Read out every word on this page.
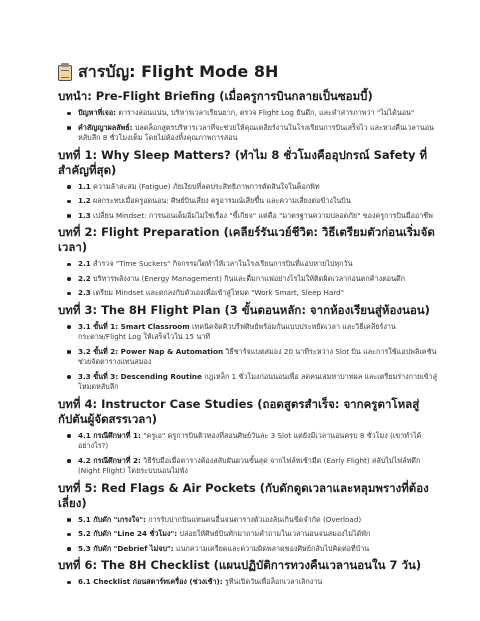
สารบัญ: Flight Mode 8H
บทนำ: Pre-Flight Briefing (เมื่อครูการบินกลายเป็นซอมบี้)
ปัญหาที่เจอ: ตารางสอนแน่น, บริหารเวลาเรียนยาก, ตรวจ Flight Log ยันดึก, และคำสารภาพว่า "ไม่ได้นอน"
คำสัญญาผลลัพธ์: ปลดล็อกสูตรบริหารเวลาที่จะช่วยให้คุณเคลียร์งานในโรงเรียนการบินเสร็จไว และหวงคืนเวลานอนหลับลึก 8 ชั่วโมงเต็ม โดยไม่ต้องทิ้งคุณภาพการสอน
บทที่ 1: Why Sleep Matters? (ทำไม 8 ชั่วโมงคืออุปกรณ์ Safety ที่สำคัญที่สุด)
1.1 ความล้าสะสม (Fatigue) ภัยเงียบที่ลดประสิทธิภาพการตัดสินใจในค็อกพิท
1.2 ผลกระทบเมื่อครูอดนอน: ศิษย์บินเสี่ยง ครูอารมณ์เสียขึ้น และความเสี่ยงต่อข้างในบิน
1.3 เปลี่ยน Mindset: การนอนเต็มอิ่มไม่ใช่เรื่อง "ขี้เกียจ" แต่คือ "มาตรฐานความปลอดภัย" ของครูการบินมืออาชีพ
บทที่ 2: Flight Preparation (เคลียร์รันเวย์ชีวิต: วิธีเตรียมตัวก่อนเริ่มจัดเวลา)
2.1 สำรวจ "Time Suckers" กิจกรรมใดทำให้เวลาในโรงเรียนการบินที่แอบหายไปทุกวัน
2.2 บริหารพลังงาน (Energy Management) กินและดื่มกาแฟอย่างไรไม่ให้ติดผิดเวลาก่อนตกค้างตอนดึก
2.3 เตรียม Mindset และตกลงกับตัวเองเพื่อเข้าสู่โหมด "Work Smart, Sleep Hard"
บทที่ 3: The 8H Flight Plan (3 ขั้นตอนหลัก: จากห้องเรียนสู่ห้องนอน)
3.1 ขั้นที่ 1: Smart Classroom เทคนิคจัดคิวบรีฟศิษย์พร้อมกันแบบประหยัดเวลา และวิธีเคลียร์งานกระดาษ/Flight Log ให้เสร็จไวใน 15 นาที
3.2 ขั้นที่ 2: Power Nap & Automation วิธีชาร์จแบตสมอง 20 นาทีระหว่าง Slot บิน และการใช้แอปพลิเคชันช่วยจัดตารางแทนสมอง
3.3 ขั้นที่ 3: Descending Routine กฎเหล็ก 1 ชั่วโมงก่อนนอนเพื่อ ลดคนเสมหาบาทผล และเตรียมร่างกายเข้าสู่โหมดหลับลึก
บทที่ 4: Instructor Case Studies (ถอดสูตรสำเร็จ: จากครูตาโหลสู่กัปตันผู้จัดสรรเวลา)
4.1 กรณีศึกษาที่ 1: "ครูเอ" ครูการบินติวทองที่สอนศิษย์วันละ 3 Slot แต่ยังมีเวลานอนครบ 8 ชั่วโมง (เขาทำได้อย่างไร?)
4.2 กรณีศึกษาที่ 2: วิธีรับมือเมื่อตารางต้องสลับผันผวนขั้นสุด จากไฟล์ทเช้ามืด (Early Flight) สลับไปไฟล์ทดึก (Night Flight) โดยระบบนอนไม่พัง
บทที่ 5: Red Flags & Air Pockets (กับดักดูดเวลาและหลุมพรางที่ต้องเลี่ยง)
5.1 กับดัก "เกรงใจ": การรับปากบินแทนคนอื่นจนตารางตัวเองล้นเกินขีดจำกัด (Overload)
5.2 กับดัก "Line 24 ชั่วโมง": ปล่อยให้ศิษย์บินทักมาถามคำถามในเวลานอนจนสมองไม่ได้พัก
5.3 กับดัก "Debrief ไม่จบ": แนกความเครียดและความผิดพลาดของศิษย์กลับไปคิดต่อที่บ้าน
บทที่ 6: The 8H Checklist (แผนปฏิบัติการทวงคืนเวลานอนใน 7 วัน)
6.1 Checklist ก่อนสตาร์ทเครื่อง (ช่วงเช้า): รูทีนเปิดวันเพื่อล็อกเวลาเลิกงาน
